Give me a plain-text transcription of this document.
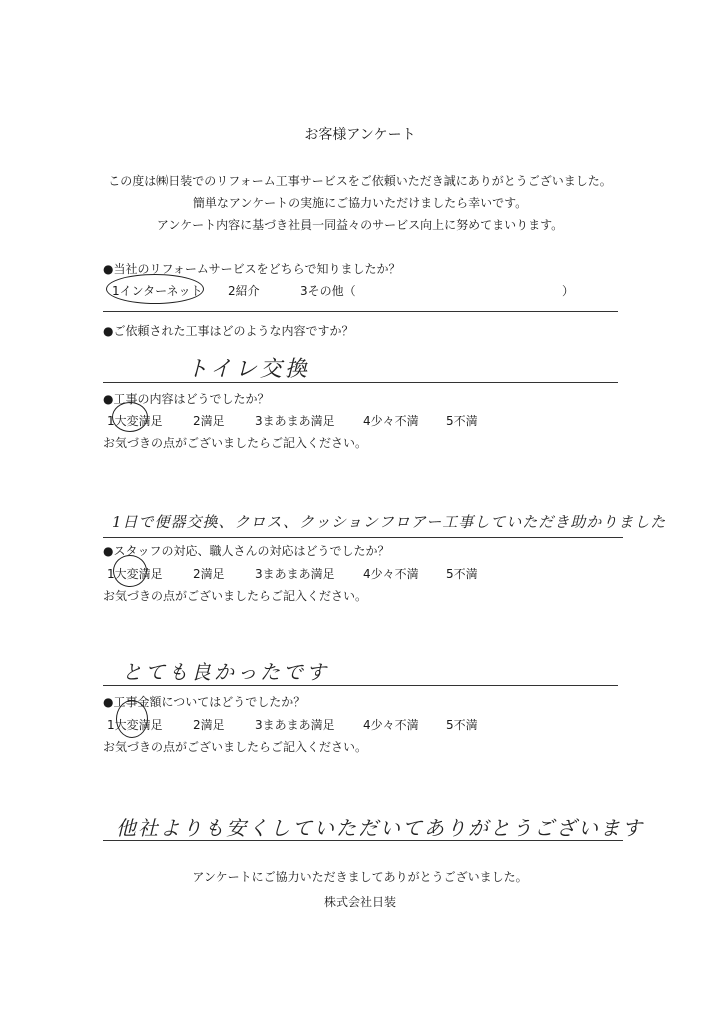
お客様アンケート
この度は㈱日装でのリフォーム工事サービスをご依頼いただき誠にありがとうございました。
簡単なアンケートの実施にご協力いただけましたら幸いです。
アンケート内容に基づき社員一同益々のサービス向上に努めてまいります。
●当社のリフォームサービスをどちらで知りましたか？
1インターネット 2紹介	3その他（	）
●ご依頼された工事はどのような内容ですか？
トイレ交換
●工事の内容はどうでしたか？
1大変満足	2満足	3まあまあ満足 4少々不満 5不満
お気づきの点がございましたらご記入ください。
1日で便器交換、クロス、クッションフロアー工事していただき助かりました
●スタッフの対応、職人さんの対応はどうでしたか？
1大変満足	2満足	3まあまあ満足 4少々不満 5不満
お気づきの点がございましたらご記入ください。
とても良かったです
●工事金額についてはどうでしたか？
1大変満足	2満足	3まあまあ満足 4少々不満 5不満
お気づきの点がございましたらご記入ください。
他社よりも安くしていただいてありがとうございます
アンケートにご協力いただきましてありがとうございました。
株式会社日装
